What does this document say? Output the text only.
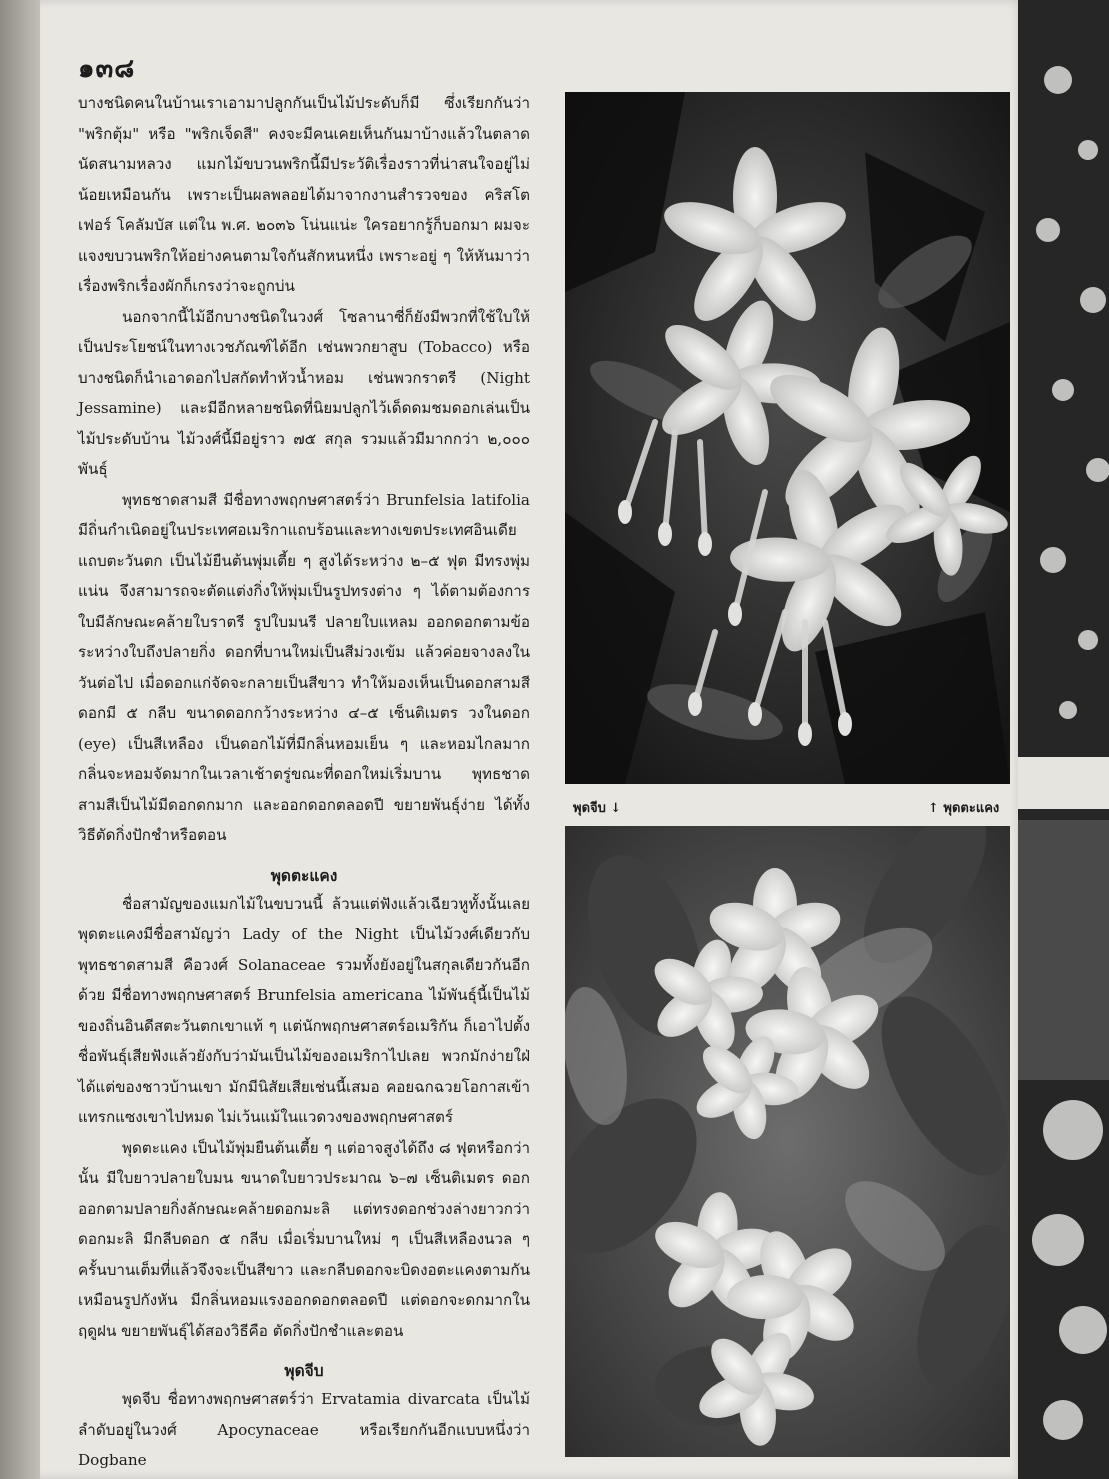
๑๓๘

บางชนิดคนในบ้านเราเอามาปลูกกันเป็นไม้ประดับก็มี ซึ่งเรียกกันว่า "พริกตุ้ม" หรือ "พริกเจ็ดสี" คงจะมีคนเคยเห็นกันมาบ้างแล้วในตลาดนัดสนามหลวง แมกไม้ขบวนพริกนี้มีประวัติเรื่องราวที่น่าสนใจอยู่ไม่น้อยเหมือนกัน เพราะเป็นผลพลอยได้มาจากงานสำรวจของ คริสโตเฟอร์ โคลัมบัส แต่ใน พ.ศ. ๒๐๓๖ โน่นแน่ะ ใครอยากรู้ก็บอกมา ผมจะแจงขบวนพริกให้อย่างคนตามใจกันสักหนหนึ่ง เพราะอยู่ ๆ ให้หันมาว่าเรื่องพริกเรื่องผักก็เกรงว่าจะถูกบ่น

นอกจากนี้ไม้อีกบางชนิดในวงศ์ โซลานาซี่ก็ยังมีพวกที่ใช้ใบให้เป็นประโยชน์ในทางเวชภัณฑ์ได้อีก เช่นพวกยาสูบ (Tobacco) หรือบางชนิดก็นำเอาดอกไปสกัดทำหัวน้ำหอม เช่นพวกราตรี (Night Jessamine) และมีอีกหลายชนิดที่นิยมปลูกไว้เด็ดดมชมดอกเล่นเป็นไม้ประดับบ้าน ไม้วงศ์นี้มีอยู่ราว ๗๕ สกุล รวมแล้วมีมากกว่า ๒,๐๐๐ พันธุ์

พุทธชาดสามสี มีชื่อทางพฤกษศาสตร์ว่า Brunfelsia latifolia มีถิ่นกำเนิดอยู่ในประเทศอเมริกาแถบร้อนและทางเขตประเทศอินเดียแถบตะวันตก เป็นไม้ยืนต้นพุ่มเตี้ย ๆ สูงได้ระหว่าง ๒–๕ ฟุต มีทรงพุ่มแน่น จึงสามารถจะตัดแต่งกิ่งให้พุ่มเป็นรูปทรงต่าง ๆ ได้ตามต้องการ ใบมีลักษณะคล้ายใบราตรี รูปใบมนรี ปลายใบแหลม ออกดอกตามข้อระหว่างใบถึงปลายกิ่ง ดอกที่บานใหม่เป็นสีม่วงเข้ม แล้วค่อยจางลงในวันต่อไป เมื่อดอกแก่จัดจะกลายเป็นสีขาว ทำให้มองเห็นเป็นดอกสามสี ดอกมี ๕ กลีบ ขนาดดอกกว้างระหว่าง ๔–๕ เซ็นติเมตร วงในดอก (eye) เป็นสีเหลือง เป็นดอกไม้ที่มีกลิ่นหอมเย็น ๆ และหอมไกลมาก กลิ่นจะหอมจัดมากในเวลาเช้าตรู่ขณะที่ดอกใหม่เริ่มบาน พุทธชาดสามสีเป็นไม้มีดอกดกมาก และออกดอกตลอดปี ขยายพันธุ์ง่าย ได้ทั้งวิธีตัดกิ่งปักชำหรือตอน

พุดตะแคง

ชื่อสามัญของแมกไม้ในขบวนนี้ ล้วนแต่ฟังแล้วเฉียวหูทั้งนั้นเลย พุดตะแคงมีชื่อสามัญว่า Lady of the Night เป็นไม้วงศ์เดียวกับพุทธชาดสามสี คือวงศ์ Solanaceae รวมทั้งยังอยู่ในสกุลเดียวกันอีกด้วย มีชื่อทางพฤกษศาสตร์ Brunfelsia americana ไม้พันธุ์นี้เป็นไม้ของถิ่นอินดีสตะวันตกเขาแท้ ๆ แต่นักพฤกษศาสตร์อเมริกัน ก็เอาไปตั้งชื่อพันธุ์เสียฟังแล้วยังกับว่ามันเป็นไม้ของอเมริกาไปเลย พวกมักง่ายใฝ่ได้แต่ของชาวบ้านเขา มักมีนิสัยเสียเช่นนี้เสมอ คอยฉกฉวยโอกาสเข้าแทรกแซงเขาไปหมด ไม่เว้นแม้ในแวดวงของพฤกษศาสตร์

พุดตะแคง เป็นไม้พุ่มยืนต้นเตี้ย ๆ แต่อาจสูงได้ถึง ๘ ฟุตหรือกว่านั้น มีใบยาวปลายใบมน ขนาดใบยาวประมาณ ๖–๗ เซ็นติเมตร ดอกออกตามปลายกิ่งลักษณะคล้ายดอกมะลิ แต่ทรงดอกช่วงล่างยาวกว่าดอกมะลิ มีกลีบดอก ๕ กลีบ เมื่อเริ่มบานใหม่ ๆ เป็นสีเหลืองนวล ๆ ครั้นบานเต็มที่แล้วจึงจะเป็นสีขาว และกลีบดอกจะบิดงอตะแคงตามกันเหมือนรูปกังหัน มีกลิ่นหอมแรงออกดอกตลอดปี แต่ดอกจะดกมากในฤดูฝน ขยายพันธุ์ได้สองวิธีคือ ตัดกิ่งปักชำและตอน

พุดจีบ

พุดจีบ ชื่อทางพฤกษศาสตร์ว่า Ervatamia divarcata เป็นไม้ลำดับอยู่ในวงศ์ Apocynaceae หรือเรียกกันอีกแบบหนึ่งว่า Dogbane

พุดจีบ ↓	↑ พุดตะแคง
